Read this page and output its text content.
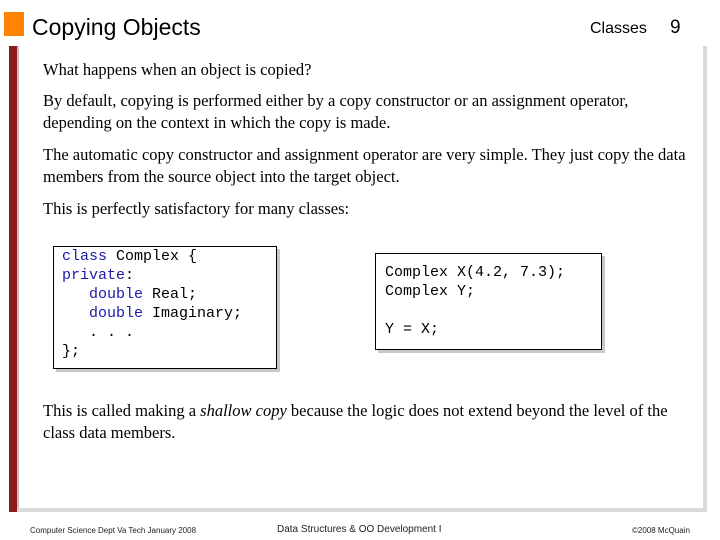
Copying Objects	Classes 9
What happens when an object is copied?
By default, copying is performed either by a copy constructor or an assignment operator, depending on the context in which the copy is made.
The automatic copy constructor and assignment operator are very simple. They just copy the data members from the source object into the target object.
This is perfectly satisfactory for many classes:
class Complex {
private:
double Real;
double Imaginary;
. . .
};
Complex X(4.2, 7.3);
Complex Y;

Y = X;
This is called making a shallow copy because the logic does not extend beyond the level of the class data members.
Computer Science Dept Va Tech January 2008	Data Structures & OO Development I	©2008 McQuain
